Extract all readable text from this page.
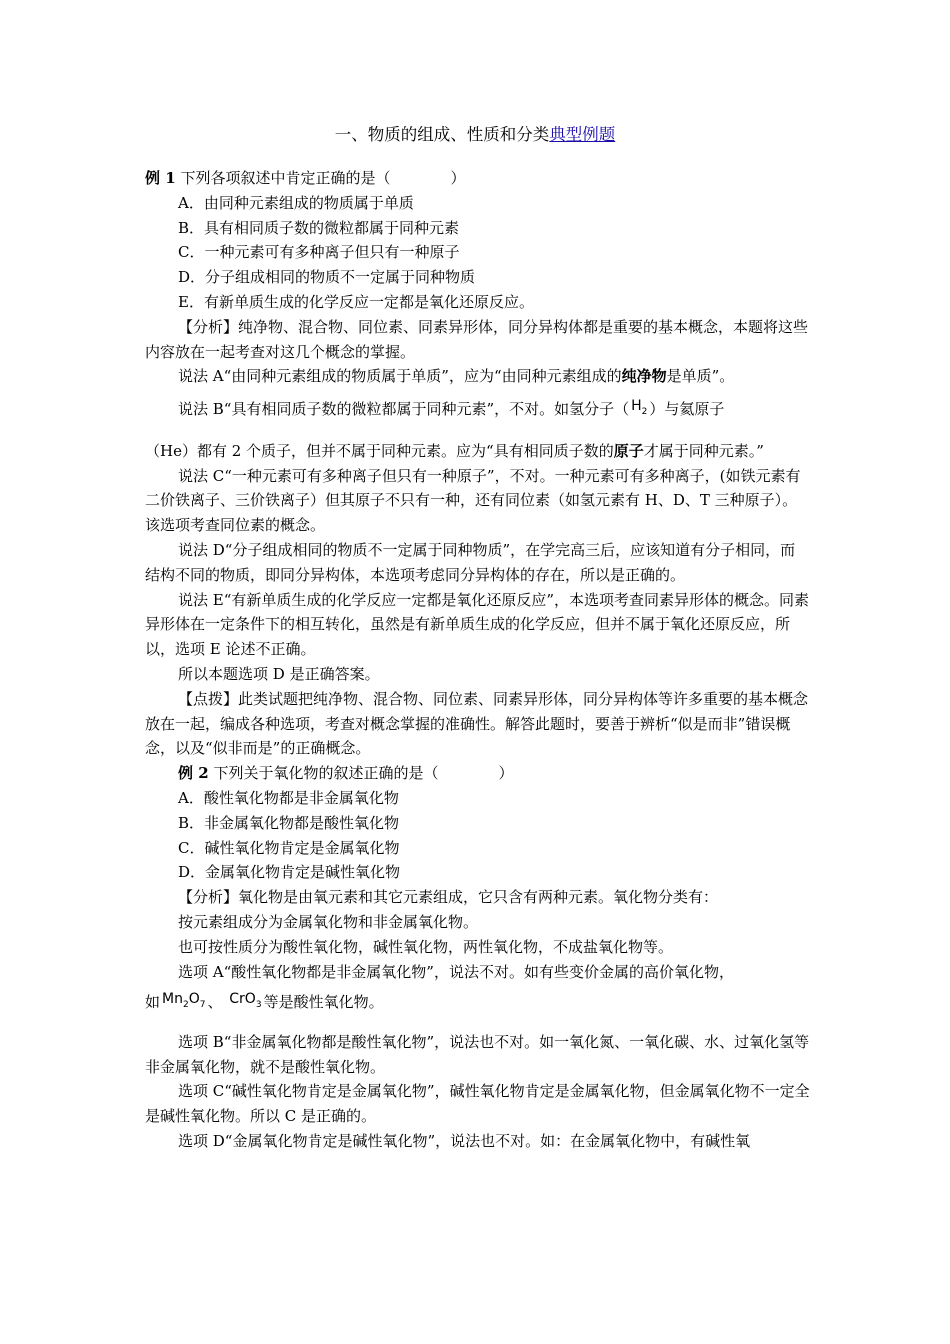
一、物质的组成、性质和分类典型例题

例 1 下列各项叙述中肯定正确的是（　　　　）

A．由同种元素组成的物质属于单质

B．具有相同质子数的微粒都属于同种元素

C．一种元素可有多种离子但只有一种原子

D．分子组成相同的物质不一定属于同种物质

E．有新单质生成的化学反应一定都是氧化还原反应。

【分析】纯净物、混合物、同位素、同素异形体，同分异构体都是重要的基本概念，本题将这些内容放在一起考查对这几个概念的掌握。

说法 A“由同种元素组成的物质属于单质”，应为“由同种元素组成的纯净物是单质”。

说法 B“具有相同质子数的微粒都属于同种元素”，不对。如氢分子（ $H_2$ ）与氦原子

（He）都有 2 个质子，但并不属于同种元素。应为“具有相同质子数的原子才属于同种元素。”

说法 C“一种元素可有多种离子但只有一种原子”，不对。一种元素可有多种离子，(如铁元素有二价铁离子、三价铁离子）但其原子不只有一种，还有同位素（如氢元素有 H、D、T 三种原子）。该选项考查同位素的概念。

说法 D“分子组成相同的物质不一定属于同种物质”，在学完高三后，应该知道有分子相同，而结构不同的物质，即同分异构体，本选项考虑同分异构体的存在，所以是正确的。

说法 E“有新单质生成的化学反应一定都是氧化还原反应”，本选项考查同素异形体的概念。同素异形体在一定条件下的相互转化，虽然是有新单质生成的化学反应，但并不属于氧化还原反应，所以，选项 E 论述不正确。

所以本题选项 D 是正确答案。

【点拨】此类试题把纯净物、混合物、同位素、同素异形体，同分异构体等许多重要的基本概念放在一起，编成各种选项，考查对概念掌握的准确性。解答此题时，要善于辨析“似是而非”错误概念，以及“似非而是”的正确概念。

例 2 下列关于氧化物的叙述正确的是（　　　　）

A．酸性氧化物都是非金属氧化物

B．非金属氧化物都是酸性氧化物

C．碱性氧化物肯定是金属氧化物

D．金属氧化物肯定是碱性氧化物

【分析】氧化物是由氧元素和其它元素组成，它只含有两种元素。氧化物分类有：

按元素组成分为金属氧化物和非金属氧化物。

也可按性质分为酸性氧化物，碱性氧化物，两性氧化物，不成盐氧化物等。

选项 A“酸性氧化物都是非金属氧化物”，说法不对。如有些变价金属的高价氧化物，

如 $Mn_2O_7$ 、 CrO$_3$ 等是酸性氧化物。

选项 B“非金属氧化物都是酸性氧化物”，说法也不对。如一氧化氮、一氧化碳、水、过氧化氢等非金属氧化物，就不是酸性氧化物。

选项 C“碱性氧化物肯定是金属氧化物”，碱性氧化物肯定是金属氧化物，但金属氧化物不一定全是碱性氧化物。所以 C 是正确的。

选项 D“金属氧化物肯定是碱性氧化物”，说法也不对。如：在金属氧化物中，有碱性氧
